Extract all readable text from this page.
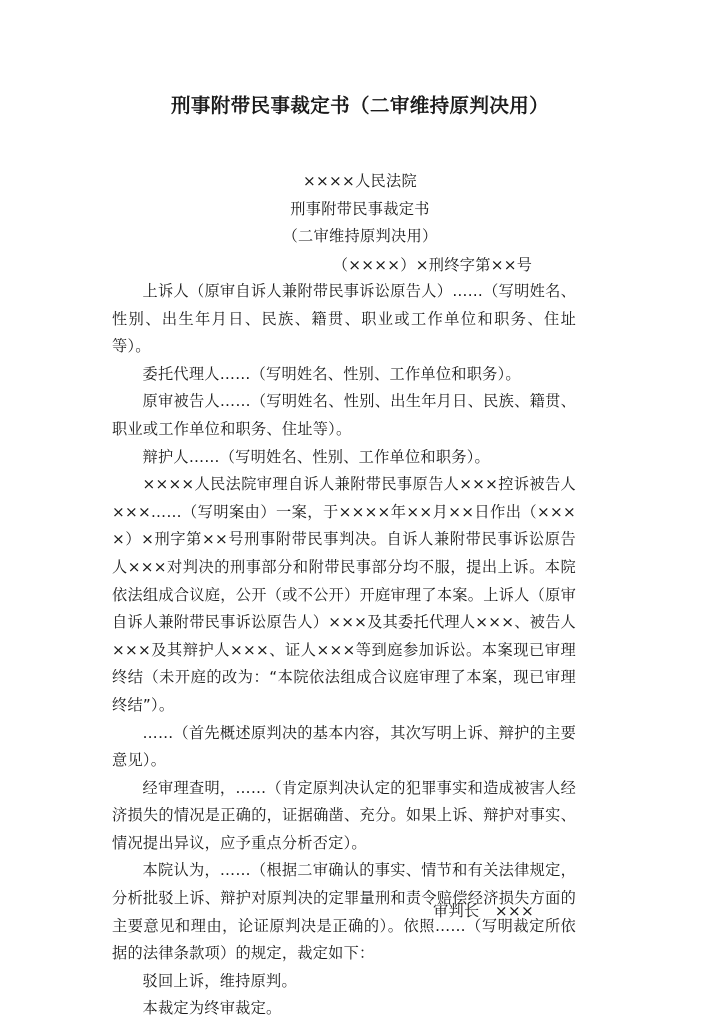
刑事附带民事裁定书（二审维持原判决用）
××××人民法院
刑事附带民事裁定书
（二审维持原判决用）
（××××）×刑终字第××号

上诉人（原审自诉人兼附带民事诉讼原告人）……（写明姓名、性别、出生年月日、民族、籍贯、职业或工作单位和职务、住址等）。

委托代理人……（写明姓名、性别、工作单位和职务）。

原审被告人……（写明姓名、性别、出生年月日、民族、籍贯、职业或工作单位和职务、住址等）。

辩护人……（写明姓名、性别、工作单位和职务）。

××××人民法院审理自诉人兼附带民事原告人×××控诉被告人×××……（写明案由）一案，于××××年××月××日作出（××××）×刑字第××号刑事附带民事判决。自诉人兼附带民事诉讼原告人×××对判决的刑事部分和附带民事部分均不服，提出上诉。本院依法组成合议庭，公开（或不公开）开庭审理了本案。上诉人（原审自诉人兼附带民事诉讼原告人）×××及其委托代理人×××、被告人×××及其辩护人×××、证人×××等到庭参加诉讼。本案现已审理终结（未开庭的改为：“本院依法组成合议庭审理了本案，现已审理终结”）。

……（首先概述原判决的基本内容，其次写明上诉、辩护的主要意见）。

经审理查明，……（肯定原判决认定的犯罪事实和造成被害人经济损失的情况是正确的，证据确凿、充分。如果上诉、辩护对事实、情况提出异议，应予重点分析否定）。

本院认为，……（根据二审确认的事实、情节和有关法律规定，分析批驳上诉、辩护对原判决的定罪量刑和责令赔偿经济损失方面的主要意见和理由，论证原判决是正确的）。依照……（写明裁定所依据的法律条款项）的规定，裁定如下：

驳回上诉，维持原判。

本裁定为终审裁定。

审判长　×××
